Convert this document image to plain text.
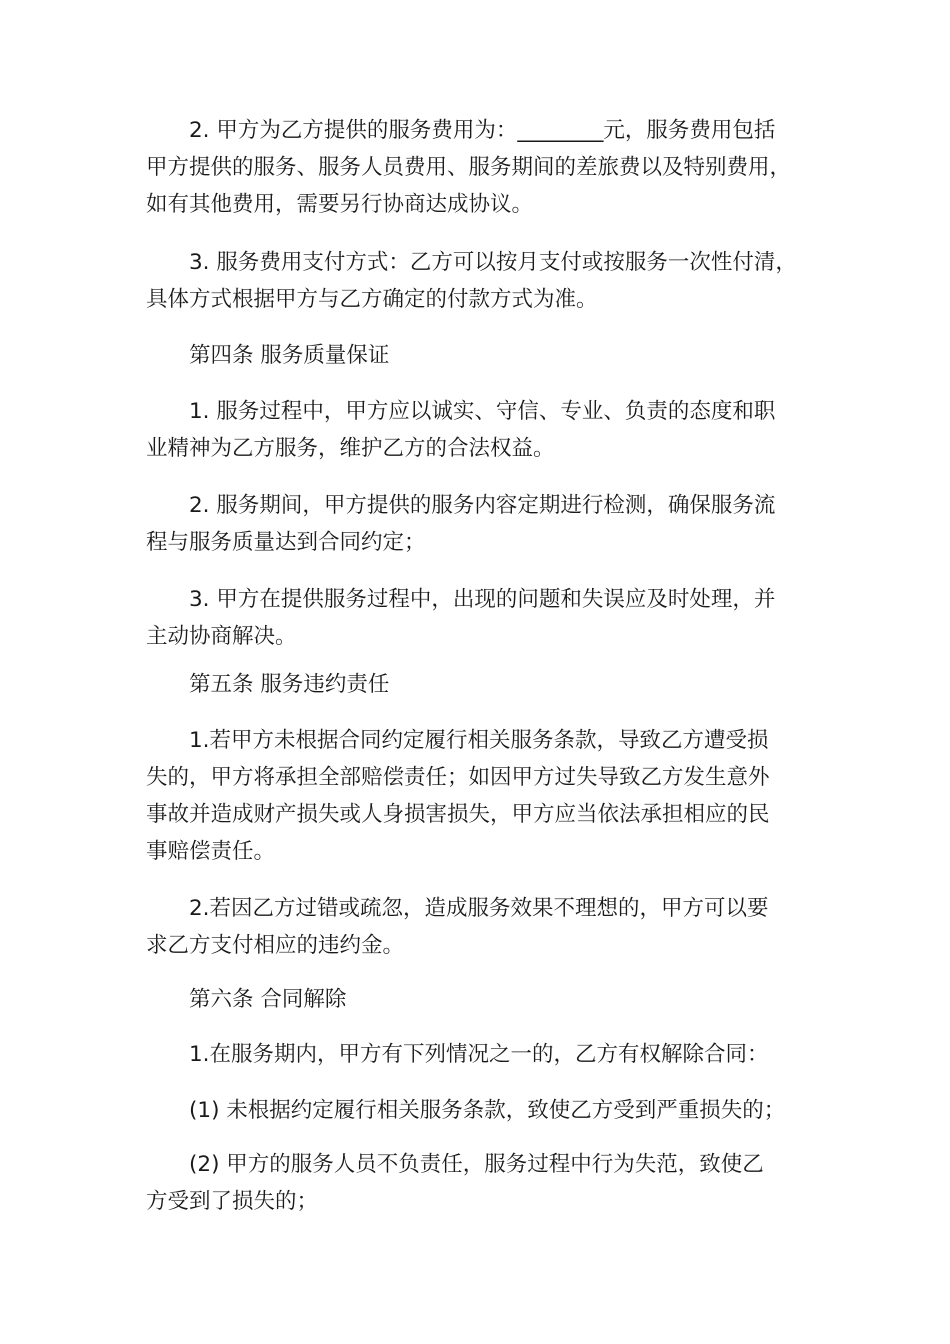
2. 甲方为乙方提供的服务费用为：________元，服务费用包括
甲方提供的服务、服务人员费用、服务期间的差旅费以及特别费用，
如有其他费用，需要另行协商达成协议。
3. 服务费用支付方式：乙方可以按月支付或按服务一次性付清，
具体方式根据甲方与乙方确定的付款方式为准。
第四条 服务质量保证
1. 服务过程中，甲方应以诚实、守信、专业、负责的态度和职
业精神为乙方服务，维护乙方的合法权益。
2. 服务期间，甲方提供的服务内容定期进行检测，确保服务流
程与服务质量达到合同约定；
3. 甲方在提供服务过程中，出现的问题和失误应及时处理，并
主动协商解决。
第五条 服务违约责任
1.若甲方未根据合同约定履行相关服务条款，导致乙方遭受损
失的，甲方将承担全部赔偿责任；如因甲方过失导致乙方发生意外
事故并造成财产损失或人身损害损失，甲方应当依法承担相应的民
事赔偿责任。
2.若因乙方过错或疏忽，造成服务效果不理想的，甲方可以要
求乙方支付相应的违约金。
第六条 合同解除
1.在服务期内，甲方有下列情况之一的，乙方有权解除合同：
(1) 未根据约定履行相关服务条款，致使乙方受到严重损失的；
(2) 甲方的服务人员不负责任，服务过程中行为失范，致使乙
方受到了损失的；
